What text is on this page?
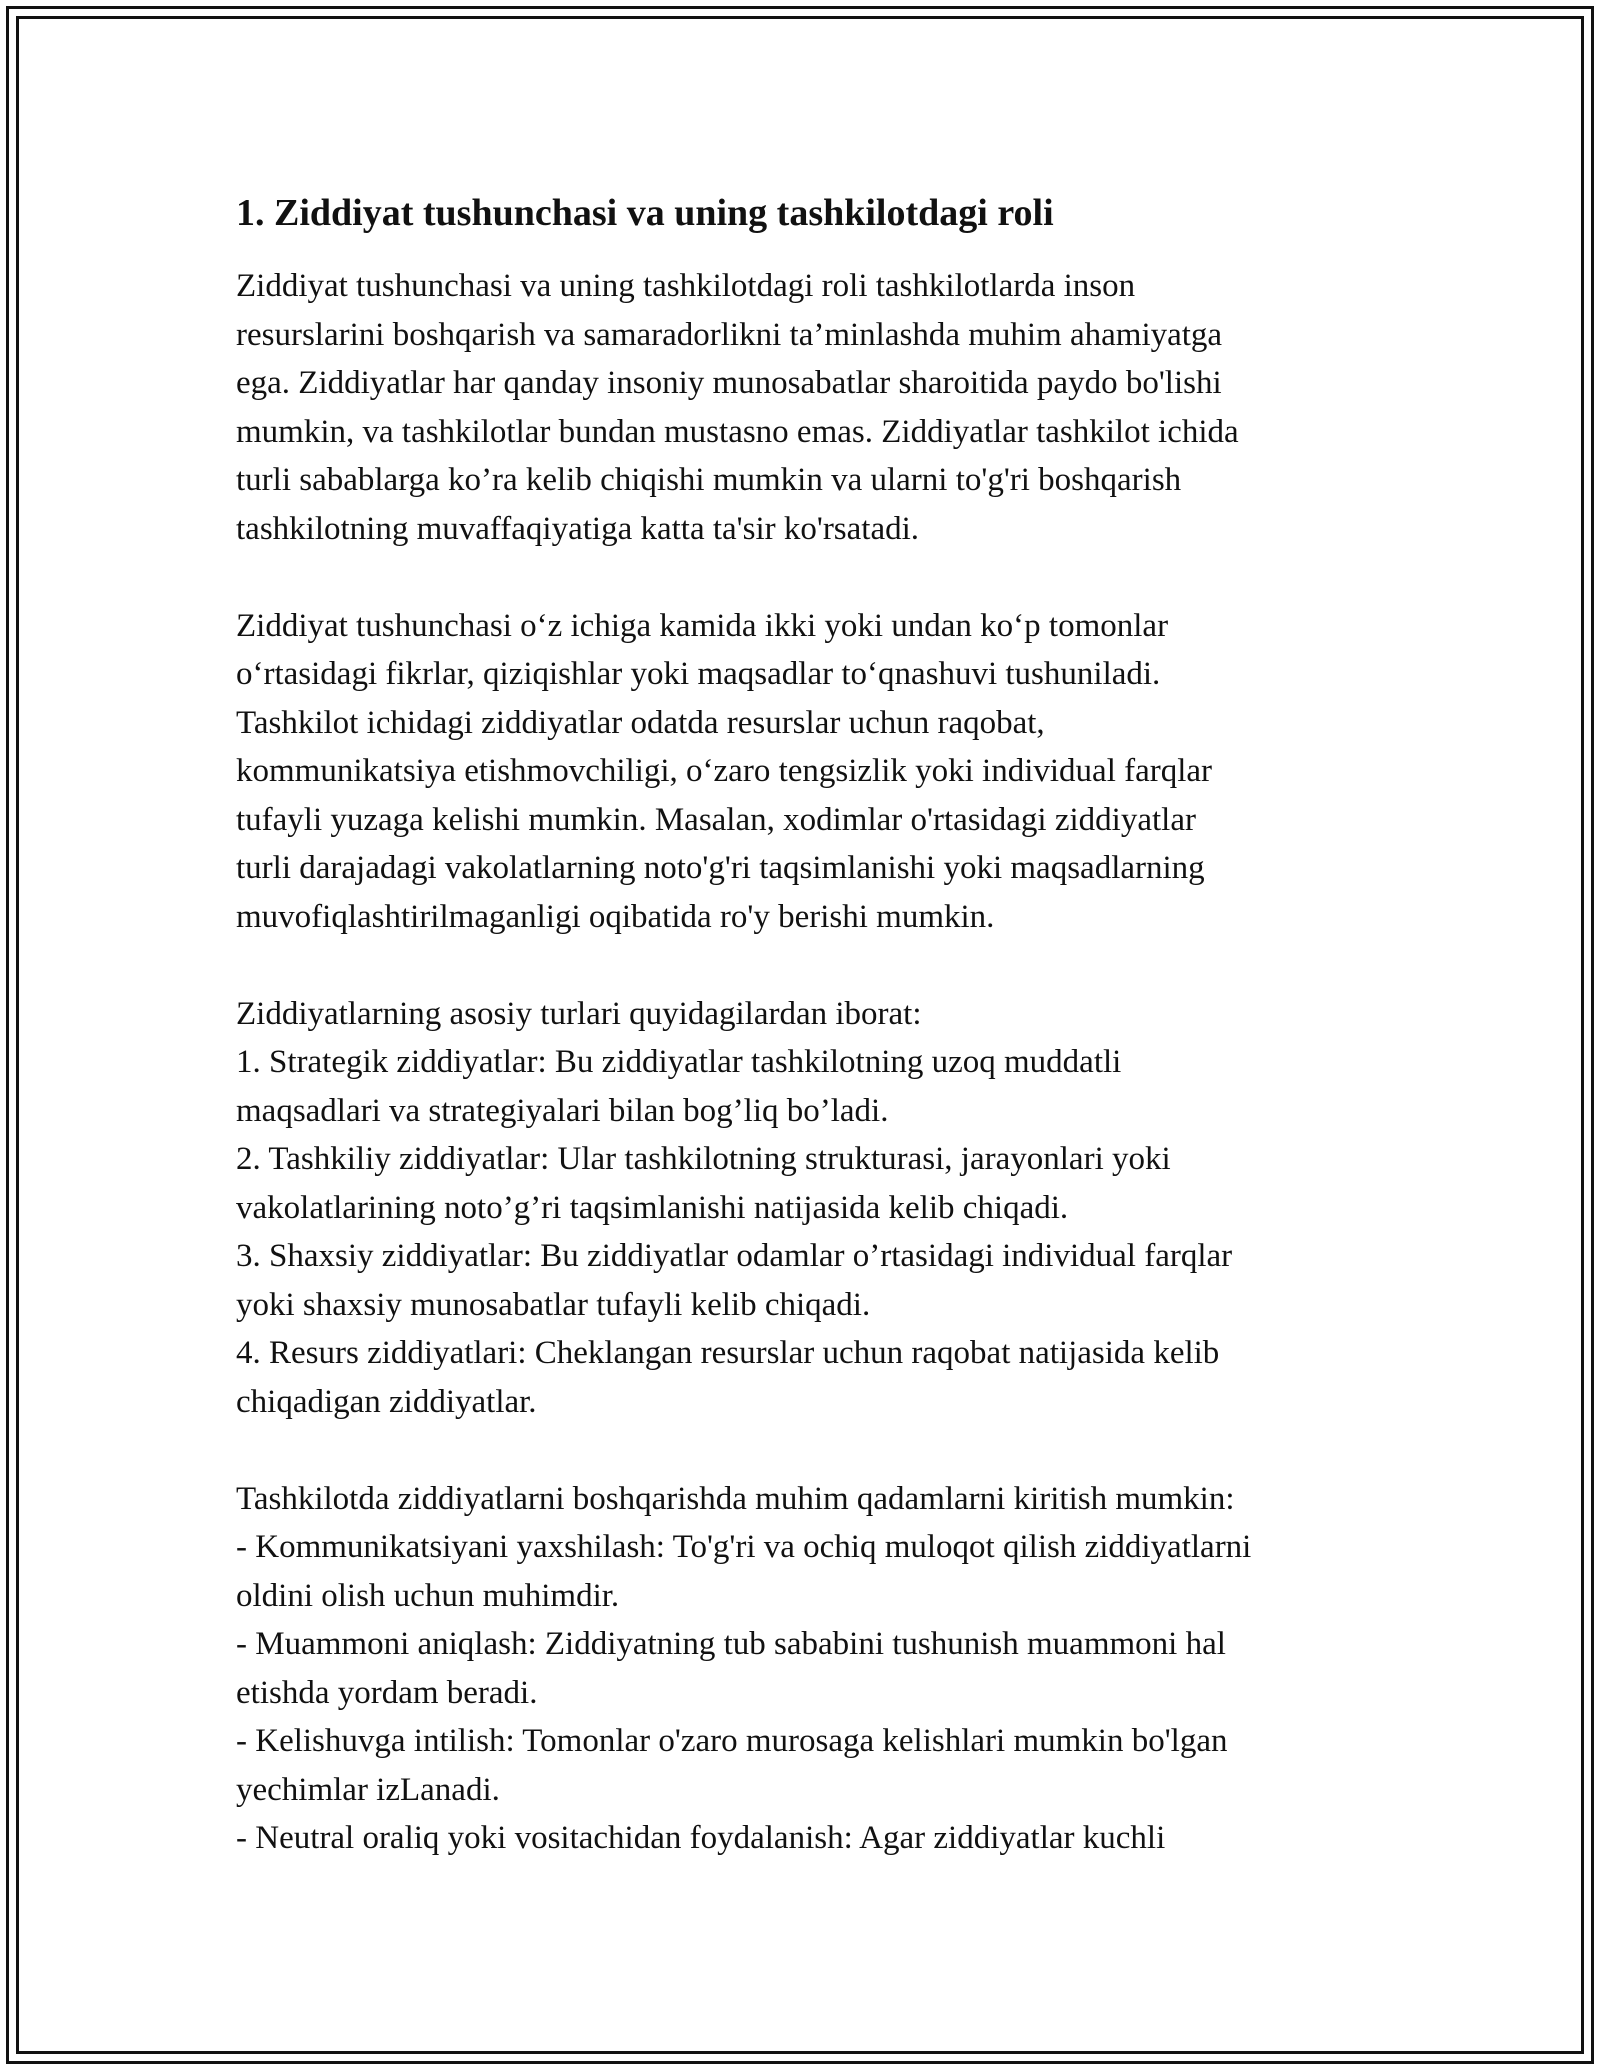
1. Ziddiyat tushunchasi va uning tashkilotdagi roli
Ziddiyat tushunchasi va uning tashkilotdagi roli tashkilotlarda inson
resurslarini boshqarish va samaradorlikni ta’minlashda muhim ahamiyatga
ega. Ziddiyatlar har qanday insoniy munosabatlar sharoitida paydo bo'lishi
mumkin, va tashkilotlar bundan mustasno emas. Ziddiyatlar tashkilot ichida
turli sabablarga ko’ra kelib chiqishi mumkin va ularni to'g'ri boshqarish
tashkilotning muvaffaqiyatiga katta ta'sir ko'rsatadi.
Ziddiyat tushunchasi o‘z ichiga kamida ikki yoki undan ko‘p tomonlar
o‘rtasidagi fikrlar, qiziqishlar yoki maqsadlar to‘qnashuvi tushuniladi.
Tashkilot ichidagi ziddiyatlar odatda resurslar uchun raqobat,
kommunikatsiya etishmovchiligi, o‘zaro tengsizlik yoki individual farqlar
tufayli yuzaga kelishi mumkin. Masalan, xodimlar o'rtasidagi ziddiyatlar
turli darajadagi vakolatlarning noto'g'ri taqsimlanishi yoki maqsadlarning
muvofiqlashtirilmaganligi oqibatida ro'y berishi mumkin.
Ziddiyatlarning asosiy turlari quyidagilardan iborat:
1. Strategik ziddiyatlar: Bu ziddiyatlar tashkilotning uzoq muddatli
maqsadlari va strategiyalari bilan bog’liq bo’ladi.
2. Tashkiliy ziddiyatlar: Ular tashkilotning strukturasi, jarayonlari yoki
vakolatlarining noto’g’ri taqsimlanishi natijasida kelib chiqadi.
3. Shaxsiy ziddiyatlar: Bu ziddiyatlar odamlar o’rtasidagi individual farqlar
yoki shaxsiy munosabatlar tufayli kelib chiqadi.
4. Resurs ziddiyatlari: Cheklangan resurslar uchun raqobat natijasida kelib
chiqadigan ziddiyatlar.
Tashkilotda ziddiyatlarni boshqarishda muhim qadamlarni kiritish mumkin:
- Kommunikatsiyani yaxshilash: To'g'ri va ochiq muloqot qilish ziddiyatlarni
oldini olish uchun muhimdir.
- Muammoni aniqlash: Ziddiyatning tub sababini tushunish muammoni hal
etishda yordam beradi.
- Kelishuvga intilish: Tomonlar o'zaro murosaga kelishlari mumkin bo'lgan
yechimlar izLanadi.
- Neutral oraliq yoki vositachidan foydalanish: Agar ziddiyatlar kuchli
